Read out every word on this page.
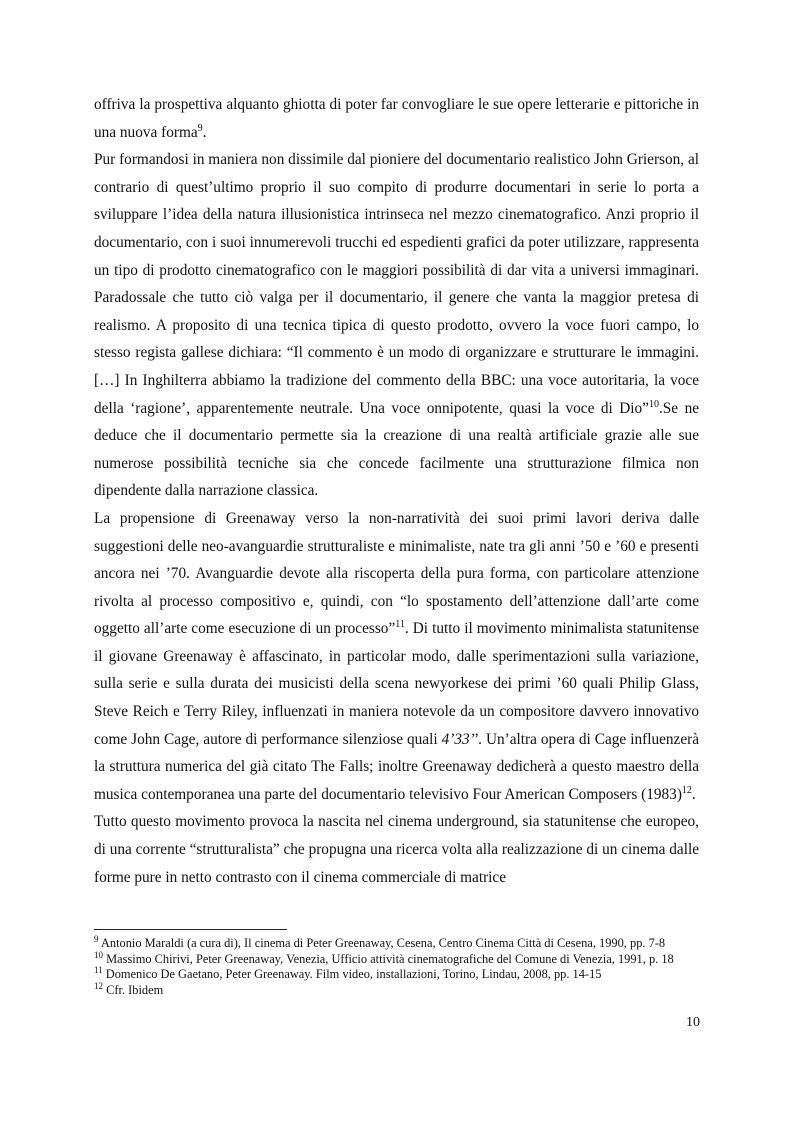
offriva la prospettiva alquanto ghiotta di poter far convogliare le sue opere letterarie e pittoriche in una nuova forma$^9$.

Pur formandosi in maniera non dissimile dal pioniere del documentario realistico John Grierson, al contrario di quest’ultimo proprio il suo compito di produrre documentari in serie lo porta a sviluppare l’idea della natura illusionistica intrinseca nel mezzo cinematografico. Anzi proprio il documentario, con i suoi innumerevoli trucchi ed espedienti grafici da poter utilizzare, rappresenta un tipo di prodotto cinematografico con le maggiori possibilità di dar vita a universi immaginari. Paradossale che tutto ciò valga per il documentario, il genere che vanta la maggior pretesa di realismo. A proposito di una tecnica tipica di questo prodotto, ovvero la voce fuori campo, lo stesso regista gallese dichiara: “Il commento è un modo di organizzare e strutturare le immagini. […] In Inghilterra abbiamo la tradizione del commento della BBC: una voce autoritaria, la voce della ‘ragione’, apparentemente neutrale. Una voce onnipotente, quasi la voce di Dio”$^{10}$.Se ne deduce che il documentario permette sia la creazione di una realtà artificiale grazie alle sue numerose possibilità tecniche sia che concede facilmente una strutturazione filmica non dipendente dalla narrazione classica.

La propensione di Greenaway verso la non-narratività dei suoi primi lavori deriva dalle suggestioni delle neo-avanguardie strutturaliste e minimaliste, nate tra gli anni ’50 e ’60 e presenti ancora nei ’70. Avanguardie devote alla riscoperta della pura forma, con particolare attenzione rivolta al processo compositivo e, quindi, con “lo spostamento dell’attenzione dall’arte come oggetto all’arte come esecuzione di un processo”$^{11}$. Di tutto il movimento minimalista statunitense il giovane Greenaway è affascinato, in particolar modo, dalle sperimentazioni sulla variazione, sulla serie e sulla durata dei musicisti della scena newyorkese dei primi ’60 quali Philip Glass, Steve Reich e Terry Riley, influenzati in maniera notevole da un compositore davvero innovativo come John Cage, autore di performance silenziose quali 4’33’’. Un’altra opera di Cage influenzerà la struttura numerica del già citato The Falls; inoltre Greenaway dedicherà a questo maestro della musica contemporanea una parte del documentario televisivo Four American Composers $(1983)^{12}$.

Tutto questo movimento provoca la nascita nel cinema underground, sia statunitense che europeo, di una corrente “strutturalista” che propugna una ricerca volta alla realizzazione di un cinema dalle forme pure in netto contrasto con il cinema commerciale di matrice

$^9$ Antonio Maraldi (a cura di), Il cinema di Peter Greenaway, Cesena, Centro Cinema Città di Cesena, 1990, pp. 7-8

$^{10}$ Massimo Chirivi, Peter Greenaway, Venezia, Ufficio attività cinematografiche del Comune di Venezia, 1991, p. 18

$^{11}$ Domenico De Gaetano, Peter Greenaway. Film video, installazioni, Torino, Lindau, 2008, pp. 14-15

$^{12}$ Cfr. Ibidem

10
